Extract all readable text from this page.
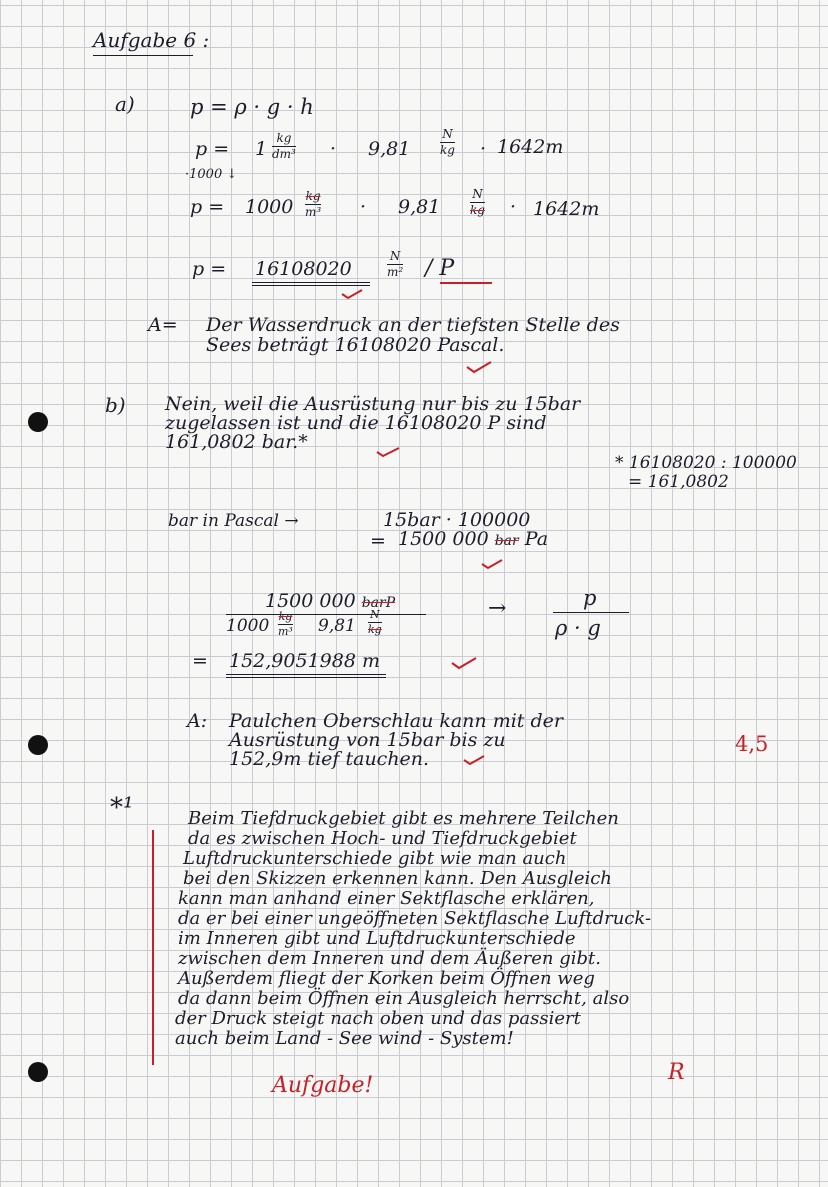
Aufgabe 6 :
a)	p = ρ · g · h
p = 1 kg
dm³ · 9,81
N
kg · 1642m
·1000 ↓
p = 1000 kg
m³ · 9,81
N
kg · 1642m
p = 16108020
N
m² / P
A= Der Wasserdruck an der tiefsten Stelle des
Sees beträgt 16108020 Pascal.
b) Nein, weil die Ausrüstung nur bis zu 15bar
zugelassen ist und die 16108020 P sind
161,0802 bar.*
* 16108020 : 100000
= 161,0802
bar in Pascal →	15bar · 100000
= 1500 000 bar Pa
1500 000 barP
1000 kg
m³ 9,81
N
kg
→	p
ρ · g
= 152,9051988 m
A: Paulchen Oberschlau kann mit der
Ausrüstung von 15bar bis zu
152,9m tief tauchen.
4,5
*¹	Beim Tiefdruckgebiet gibt es mehrere Teilchen
da es zwischen Hoch- und Tiefdruckgebiet
Luftdruckunterschiede gibt wie man auch
bei den Skizzen erkennen kann. Den Ausgleich
kann man anhand einer Sektflasche erklären,
da er bei einer ungeöffneten Sektflasche Luftdruck-
im Inneren gibt und Luftdruckunterschiede
zwischen dem Inneren und dem Äußeren gibt.
Außerdem fliegt der Korken beim Öffnen weg
da dann beim Öffnen ein Ausgleich herrscht, also
der Druck steigt nach oben und das passiert
auch beim Land - See wind - System!
Aufgabe!
R
